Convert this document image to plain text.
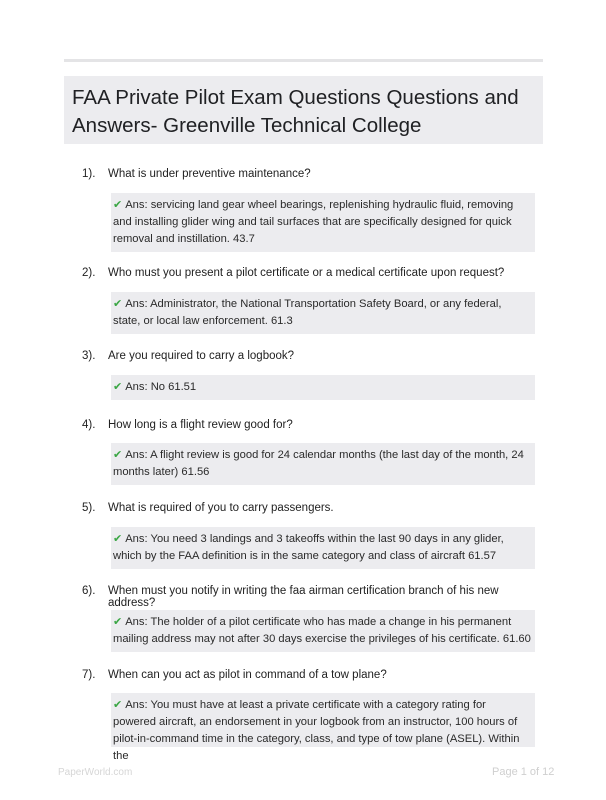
FAA Private Pilot Exam Questions Questions and Answers- Greenville Technical College
1). What is under preventive maintenance?
✔ Ans: servicing land gear wheel bearings, replenishing hydraulic fluid, removing and installing glider wing and tail surfaces that are specifically designed for quick removal and instillation. 43.7
2). Who must you present a pilot certificate or a medical certificate upon request?
✔ Ans: Administrator, the National Transportation Safety Board, or any federal, state, or local law enforcement. 61.3
3). Are you required to carry a logbook?
✔ Ans: No 61.51
4). How long is a flight review good for?
✔ Ans: A flight review is good for 24 calendar months (the last day of the month, 24 months later) 61.56
5). What is required of you to carry passengers.
✔ Ans: You need 3 landings and 3 takeoffs within the last 90 days in any glider, which by the FAA definition is in the same category and class of aircraft 61.57
6). When must you notify in writing the faa airman certification branch of his new address?
✔ Ans: The holder of a pilot certificate who has made a change in his permanent mailing address may not after 30 days exercise the privileges of his certificate. 61.60
7). When can you act as pilot in command of a tow plane?
✔ Ans: You must have at least a private certificate with a category rating for powered aircraft, an endorsement in your logbook from an instructor, 100 hours of pilot-in-command time in the category, class, and type of tow plane (ASEL). Within the
PaperWorld.com	Page 1 of 12
